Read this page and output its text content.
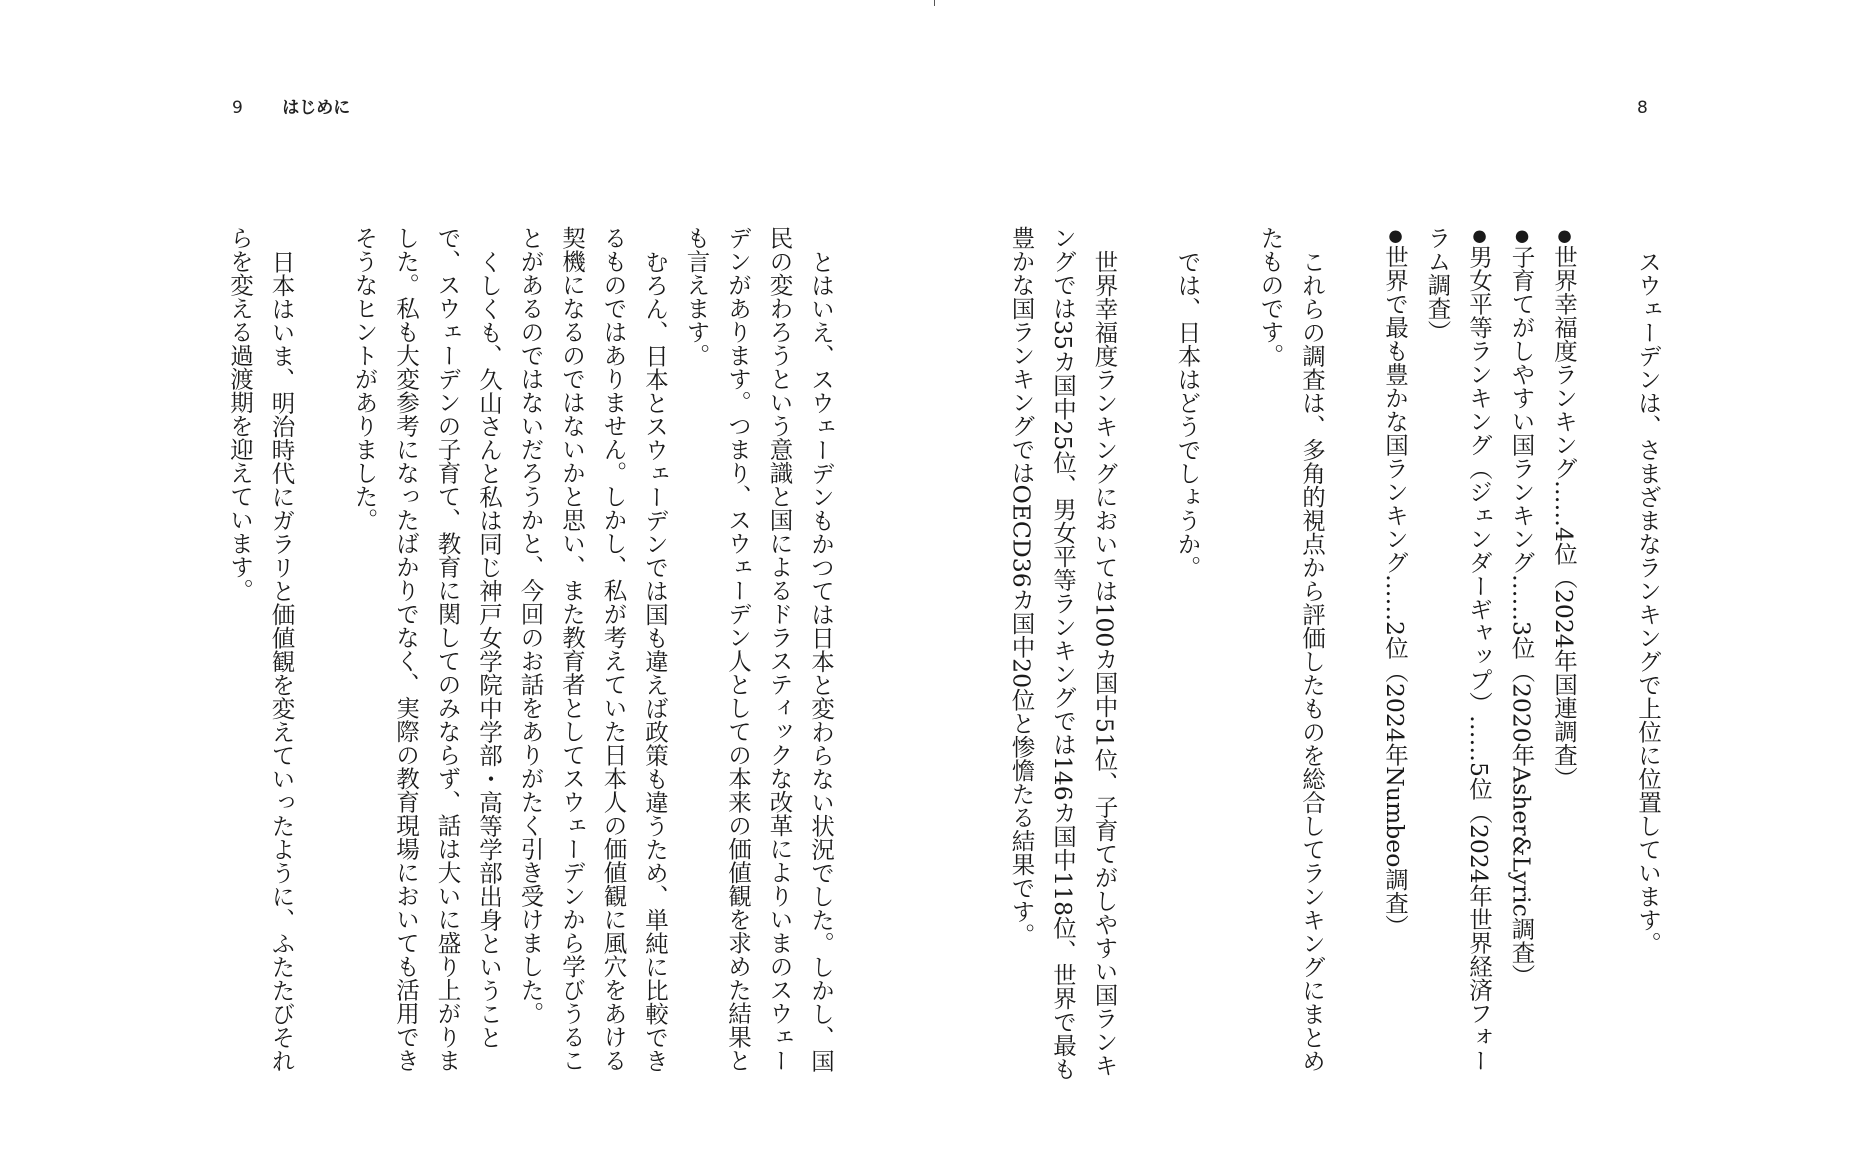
9 はじめに	8

スウェーデンは、さまざまなランキングで上位に位置しています。

●世界幸福度ランキング……4位（2024年国連調査）

●子育てがしやすい国ランキング……3位（2020年Asher&Lyric調査）

●男女平等ランキング（ジェンダーギャップ）……5位（2024年世界経済フォー

ラム調査）

●世界で最も豊かな国ランキング……2位（2024年Numbeo調査）

これらの調査は、多角的視点から評価したものを総合してランキングにまとめたものです。

では、日本はどうでしょうか。

世界幸福度ランキングにおいては100カ国中51位、子育てがしやすい国ランキングでは35カ国中25位、男女平等ランキングでは146カ国中118位、世界で最も豊かな国ランキングではOECD36カ国中20位と惨憺たる結果です。

とはいえ、スウェーデンもかつては日本と変わらない状況でした。しかし、国民の変わろうという意識と国によるドラスティックな改革によりいまのスウェーデンがあります。つまり、スウェーデン人としての本来の価値観を求めた結果とも言えます。

むろん、日本とスウェーデンでは国も違えば政策も違うため、単純に比較できるものではありません。しかし、私が考えていた日本人の価値観に風穴をあける契機になるのではないかと思い、また教育者としてスウェーデンから学びうることがあるのではないだろうかと、今回のお話をありがたく引き受けました。

くしくも、久山さんと私は同じ神戸女学院中学部・高等学部出身ということで、スウェーデンの子育て、教育に関してのみならず、話は大いに盛り上がりました。私も大変参考になったばかりでなく、実際の教育現場においても活用できそうなヒントがありました。

日本はいま、明治時代にガラリと価値観を変えていったように、ふたたびそれらを変える過渡期を迎えています。
